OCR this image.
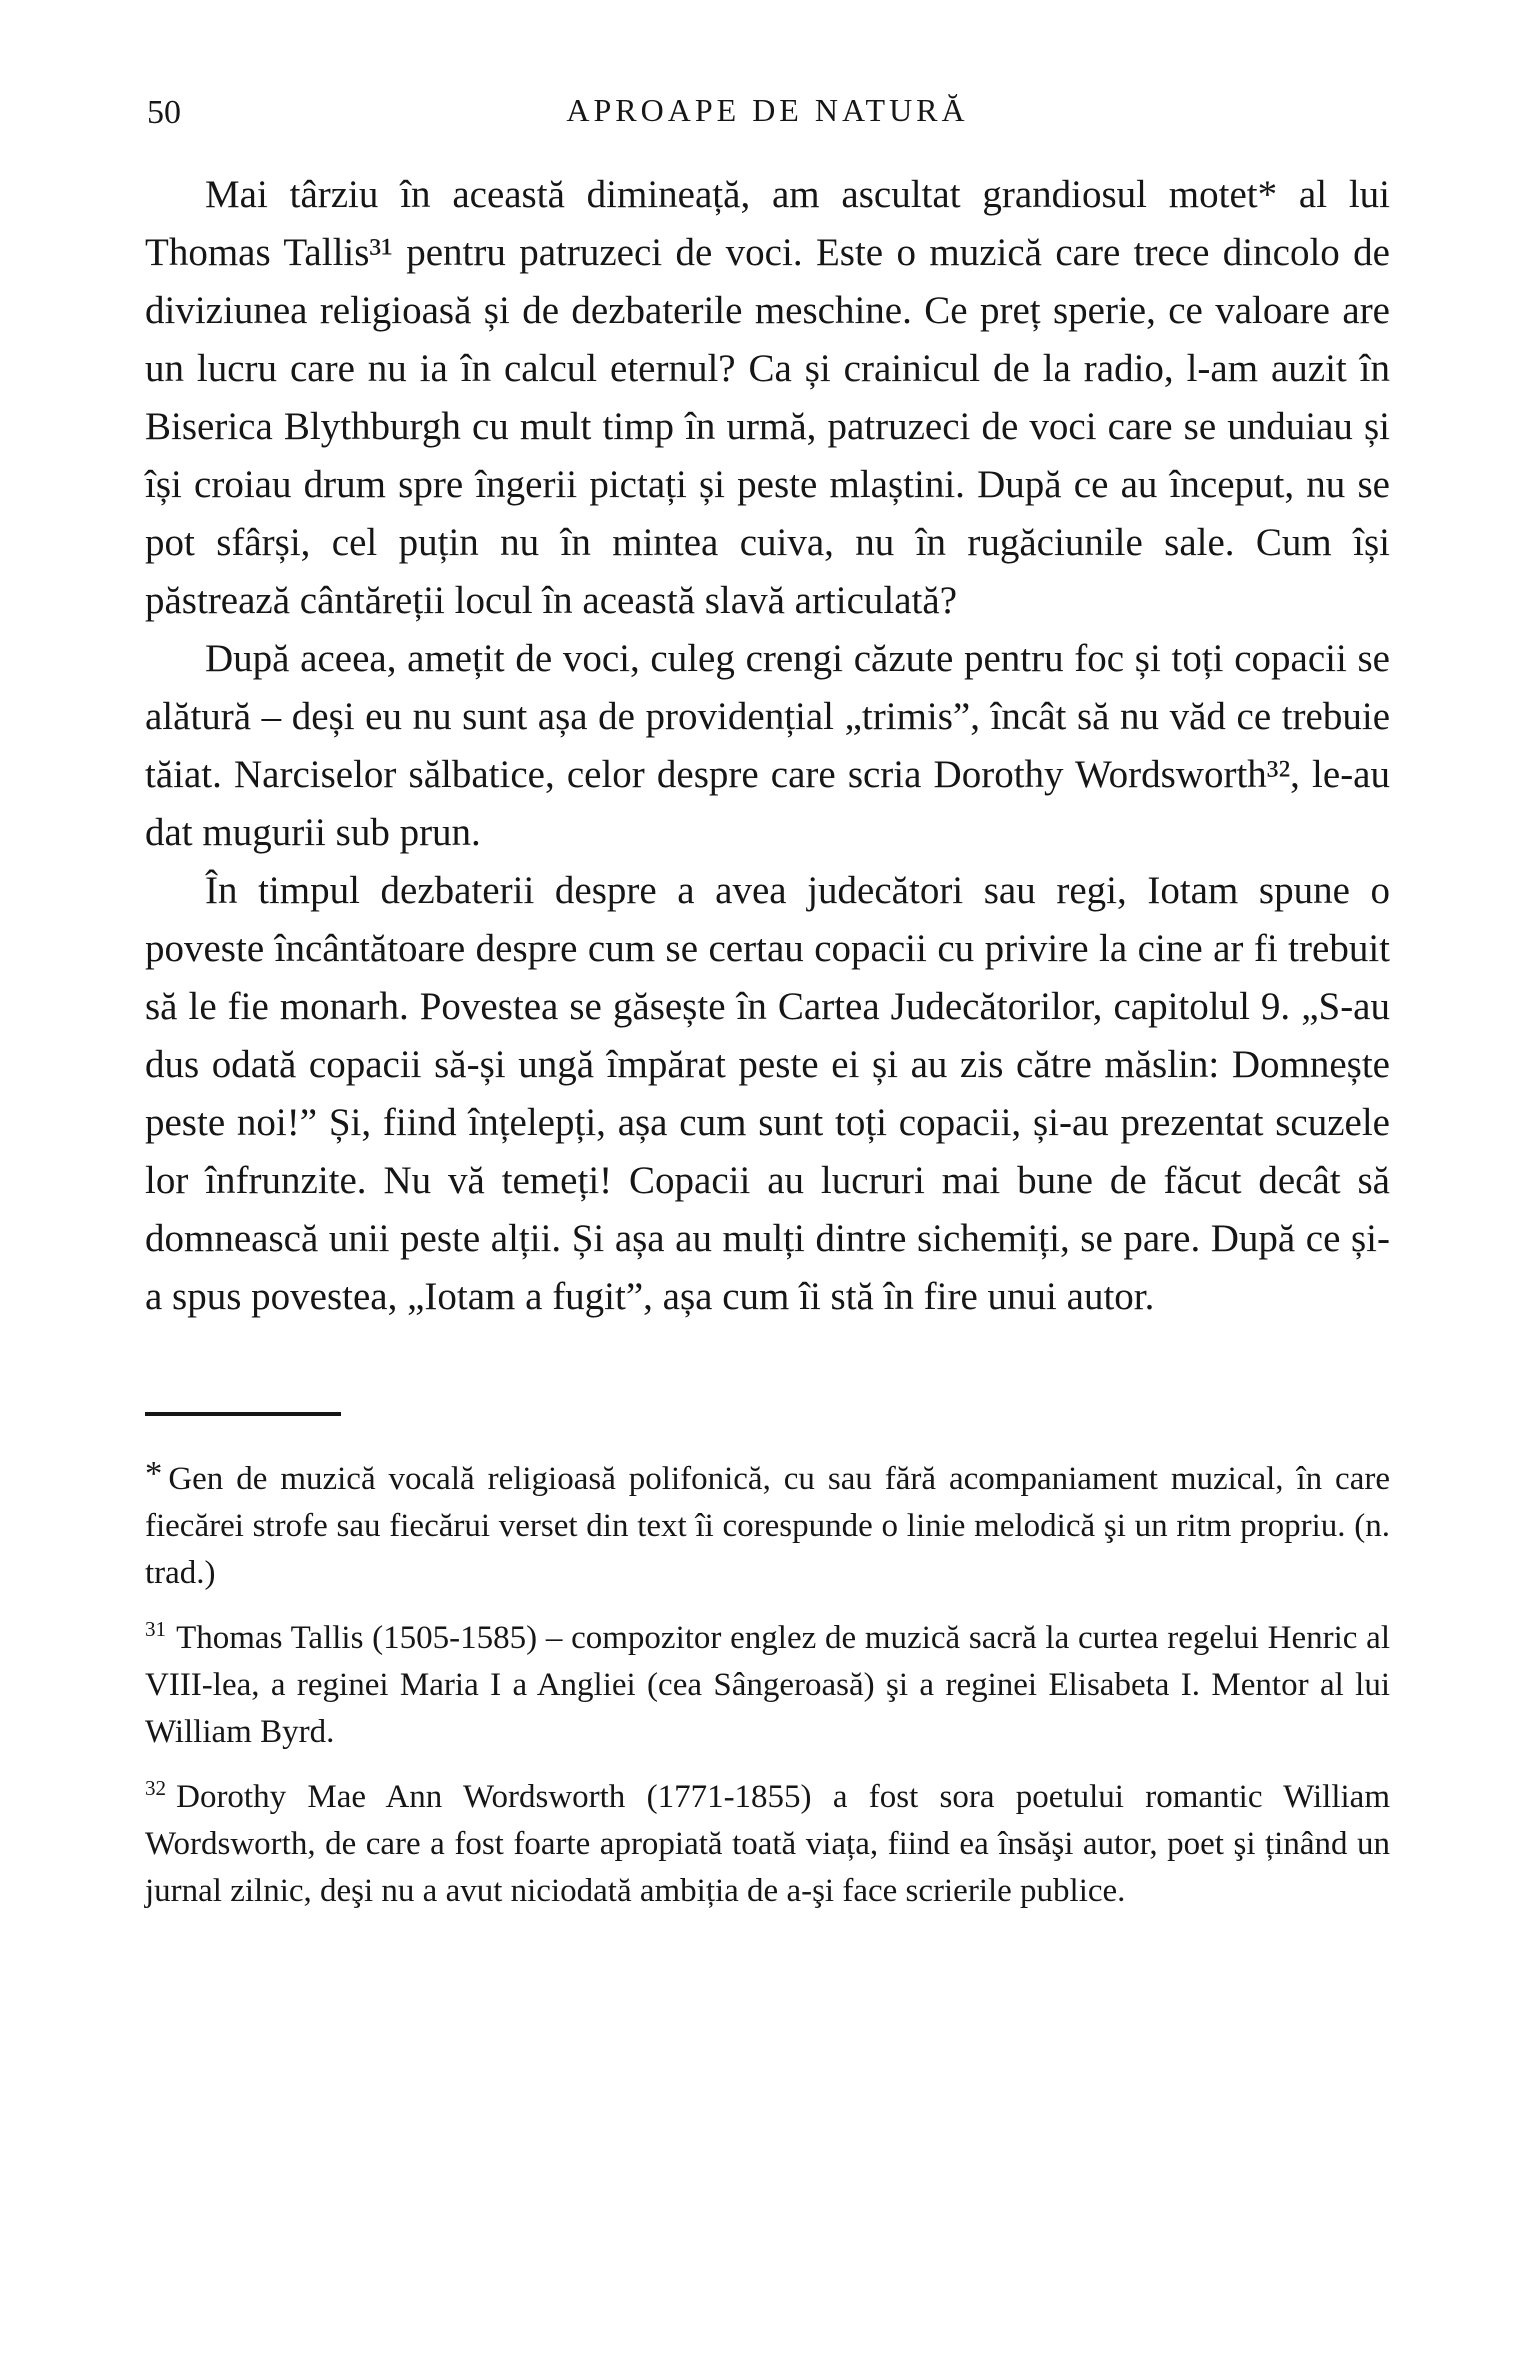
50	APROAPE DE NATURĂ

Mai târziu în această dimineață, am ascultat grandiosul motet* al lui Thomas Tallis³¹ pentru patruzeci de voci. Este o muzică care trece dincolo de diviziunea religioasă și de dezbaterile meschine. Ce preț sperie, ce valoare are un lucru care nu ia în calcul eternul? Ca și crainicul de la radio, l-am auzit în Biserica Blythburgh cu mult timp în urmă, patruzeci de voci care se unduiau și își croiau drum spre îngerii pictați și peste mlaștini. După ce au început, nu se pot sfârși, cel puțin nu în mintea cuiva, nu în rugăciunile sale. Cum își păstrează cântăreții locul în această slavă articulată?

După aceea, amețit de voci, culeg crengi căzute pentru foc și toți copacii se alătură – deși eu nu sunt așa de providențial „trimis”, încât să nu văd ce trebuie tăiat. Narciselor sălbatice, celor despre care scria Dorothy Wordsworth³², le-au dat mugurii sub prun.

În timpul dezbaterii despre a avea judecători sau regi, Iotam spune o poveste încântătoare despre cum se certau copacii cu privire la cine ar fi trebuit să le fie monarh. Povestea se găsește în Cartea Judecătorilor, capitolul 9. „S-au dus odată copacii să-și ungă împărat peste ei și au zis către măslin: Domnește peste noi!” Și, fiind înțelepți, așa cum sunt toți copacii, și-au prezentat scuzele lor înfrunzite. Nu vă temeți! Copacii au lucruri mai bune de făcut decât să domnească unii peste alții. Și așa au mulți dintre sichemiți, se pare. După ce și-a spus povestea, „Iotam a fugit”, așa cum îi stă în fire unui autor.

* Gen de muzică vocală religioasă polifonică, cu sau fără acompaniament muzical, în care fiecărei strofe sau fiecărui verset din text îi corespunde o linie melodică şi un ritm propriu. (n. trad.)

$^{31}$ Thomas Tallis (1505-1585) – compozitor englez de muzică sacră la curtea regelui Henric al VIII-lea, a reginei Maria I a Angliei (cea Sângeroasă) şi a reginei Elisabeta I. Mentor al lui William Byrd.

$^{32}$ Dorothy Mae Ann Wordsworth (1771-1855) a fost sora poetului romantic William Wordsworth, de care a fost foarte apropiată toată viața, fiind ea însăşi autor, poet şi ținând un jurnal zilnic, deşi nu a avut niciodată ambiția de a-şi face scrierile publice.
